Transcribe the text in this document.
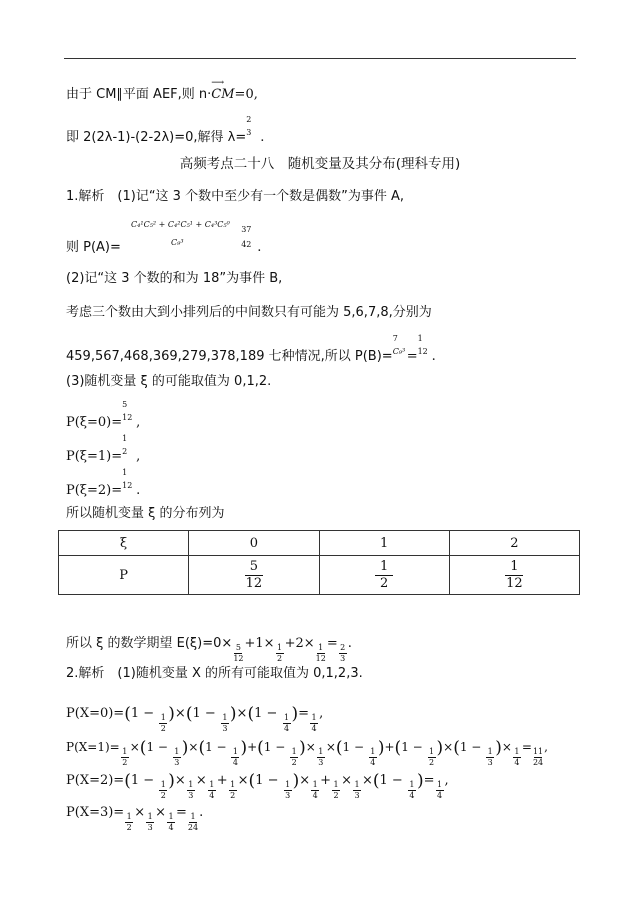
由于 CM∥平面 AEF,则 n·
⟶
CM=0,
即 2(2λ-1)-(2-2λ)=0,解得 λ=
2
3 .
高频考点二十八　随机变量及其分布(理科专用)
1.解析　(1)记“这 3 个数中至少有一个数是偶数”为事件 A,
则 P(A)=
C₄¹C₅² + C₄²C₅¹ + C₄³C₅⁰
C₉³

37
42 .
(2)记“这 3 个数的和为 18”为事件 B,
考虑三个数由大到小排列后的中间数只有可能为 5,6,7,8,分别为
459,567,468,369,279,378,189 七种情况,所以 P(B)=
7
C₉³ =
1
12 .
(3)随机变量 ξ 的可能取值为 0,1,2.
P(ξ=0)=
5
12 ,
P(ξ=1)=
1
2 ,
P(ξ=2)=
1
12 .
所以随机变量 ξ 的分布列为
ξ	0	1	2
P	$\frac{5}{12}$	$\frac{1}{2}$	$\frac{1}{12}$
所以 ξ 的数学期望 E(ξ)=0×
$\frac{5}{12}$
+1×
$\frac{1}{2}$
+2×
$\frac{1}{12}$
=
$\frac{2}{3}$
.
2.解析　(1)随机变量 X 的所有可能取值为 0,1,2,3.
P(X=0)=(1 −
$\frac{1}{2} )\times(1$ −
$\frac{1}{3} )\times(1$ −
$\frac{1}{4}$ )=
$\frac{1}{4}$
,
P(X=1)=
$\frac{1}{2}$
×(1 −
$\frac{1}{3} )\times(1$ −
$\frac{1}{4} )+(1$ −
$\frac{1}{2}$ )×
$\frac{1}{3}$
×(1 −
$\frac{1}{4} )+(1$ −
$\frac{1}{2} )\times(1$ −
$\frac{1}{3}$ )×
$\frac{1}{4}$
=
$\frac{11}{24}$
,
P(X=2)=(1 −
$\frac{1}{2}$ )×
$\frac{1}{3}$
×
$\frac{1}{4}$
+
$\frac{1}{2}$
×(1 −
$\frac{1}{3}$ )×
$\frac{1}{4}$
+
$\frac{1}{2}$
×
$\frac{1}{3}$
×(1 −
$\frac{1}{4}$ )=
$\frac{1}{4}$
,
P(X=3)=
$\frac{1}{2}$
×
$\frac{1}{3}$
×
$\frac{1}{4}$
=
$\frac{1}{24}$
.
